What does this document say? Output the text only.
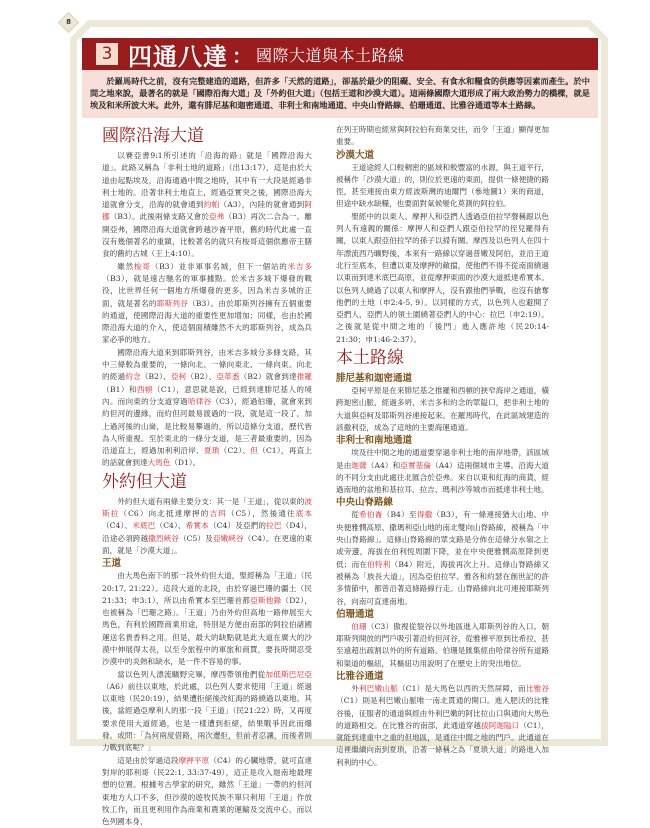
8
3 四通八達 ： 國際大道與本土路線

於羅馬時代之前，沒有完整建造的道路，但許多「天然的道路」，卻基於最少的阻礙、安全、有食水和糧食的供應等因素而產生。於中間之地來說，最著名的就是「國際沿海大道」及「外約但大道」（包括王道和沙漠大道）。這兩條國際大道形成了兩大政治勢力的橋樑，就是埃及和米所波大米。此外，還有腓尼基和迦密通道、非利士和南地通道、中央山脊路線、伯珊通道、比雅谷通道等本土路線。

國際沿海大道

以賽亞書9:1所引述的「沿海的路」就是「國際沿海大道」。此路又稱為「非利士地的道路」（出13:17），這是由於大道由起點埃及，沿海通過中間之地時，其中有一大段是經過非利士地的。沿著非利士地直上，經過亞實突之後，國際沿海大道就會分支，沿海的就會通到約帕（A3），內陸的就會通到阿挪（B3）。此後兩條支路又會於亞弗（B3）再次二合為一。離開亞弗，國際沿海大道就會跨越沙崙平原，舊約時代此處一直沒有幾個著名的重鎮，比較著名的就只有梭哥這個供應帝王膳食的舊約古城（王上4:10）。

雖然梭哥（B3）並非軍事名城，但下一個站的米吉多（B3），就是遠古馳名的軍事據點。於米吉多城下爆發的戰役，比世界任何一個地方所爆發的更多，因為米吉多城的正面，就是著名的耶斯列谷（B3）。由於耶斯列谷擁有五個重要的通道，使國際沿海大道的重要性更加增加；同樣，也由於國際沿海大道的介入，使這個面積雖然不大的耶斯列谷，成為兵家必爭的地方。

國際沿海大道來到耶斯列谷，由米吉多城分多條支路，其中三條較為重要的，一條向北、一條向東北、一條向東。向北的經過約念（B2）、亞柯（B2）、亞革悉（B2）就會到達推羅（B1）和西頓（C1），意思就是說，已經到達腓尼基人的境內。而向東的分支道穿過哈律谷（C3），經過伯珊，就會來到約但河的邊緣，而約但河最易渡過的一段，就是這一段了，加上過河後的山崗，是比較易攀過的，所以這條分支道，歷代皆為人所重視。至於東北的一條分支道，是三者最重要的，因為沿道直上，經過加利利沿岸、夏瑣（C2）、但（C1），再直上的話就會到達大馬色（D1）。

外約但大道

外約但大道有兩條主要分支：其一是「王道」，從以東的波斯拉（C6）向北抵達摩押的吉珥（C5），然後通往底本（C4）、米底巴（C4）、希實本（C4）及亞捫的拉巴（D4），沿途必須跨越撒烈峽谷（C5）及亞嫩峽谷（C4）。在更遠的東面，就是「沙漠大道」。

王道

由大馬色南下的那一段外約但大道，聖經稱為「王道」（民20:17, 21:22）。這段大道的北段，由於穿過巴珊的疆土（民21:33；申3:1），所以由希實本至巴珊首都亞斯他錄（D2），也被稱為「巴珊之路」。「王道」乃由外約但高地一路伸展至大馬色，有利於國際商業用途，特別是方便由南部的阿拉伯諸國運送名貴香料之用。但是，最大的缺點就是此大道在廣大的沙漠中伸展得太長，以至令旅程中的軍旅和商賈，要長時間忍受沙漠中的炎熱和缺水，是一件不容易的事。

當以色列人漂流曠野完畢，摩西帶領他們從加低斯巴尼亞（A6）前往以東地，於此處，以色列人要求使用「王道」經過以東地（民20:19），結果遭拒絕後改紅海的路繞過以東地。其後，當經過亞摩利人的那一段「王道」（民21:22）時，又再度要求使用大道經過，也是一樣遭到拒絕，結果戰爭因此而爆發。或問：「為何兩度借路，兩次遭拒，但前者忍讓，而後者則力戰到底呢？」

這是由於穿過這段摩押平原（C4）的心臟地帶，就可直達對岸的耶利哥（民22:1, 33:37-49），這正是攻入迦南地最理想的位置。根據考古學家的研究，雖然「王道」一帶的約但河東地方人口不多，但沙漠的遊牧民族不單只利用「王道」作放牧工作，而且更利用作為商業和農業的運輸及交流中心，而以色列國本身，

在列王時期也經常與阿拉伯有商業交往，而令「王道」顯得更加重要。

沙漠大道

王道途經人口較稠密的區域和較豐富的水源，與王道平行，被稱作「沙漠大道」的，則位於更遠的東面，提供一條便捷的路徑，甚至連接由東方經波斯灣的迪爾門（參地圖1）來的商道，但途中缺水缺糧，也要面對氣候變化莫測的阿拉伯。

聖經中的以東人、摩押人和亞捫人透過亞伯拉罕聲稱跟以色列人有遠親的關係：摩押人和亞捫人跟亞伯拉罕的侄兒羅得有關，以東人跟亞伯拉罕的孫子以掃有關。摩西及以色列人在四十年漂流西乃曠野後，本來有一路線以穿過普嫩及阿伯，並沿王道北行至底本，但遭以東及摩押的敵擋，使他們不得不從南面繞過以東而到達米底巴高原，並從摩押東面的沙漠大道抵達希實本。以色列人繞過了以東人和摩押人，沒有跟他們爭戰，也沒有搶奪他們的土地（申2:4-5, 9）。以同樣的方式，以色列人也避開了亞捫人，亞捫人的領土圍繞著亞捫人的中心：拉巴（申2:19）。之後就是從中間之地的「後門」進入應許地（民20:14-21:30；申1:46-2:37）。

本土路線
腓尼基和迦密通道

亞柯平原是在來腓尼基之推羅和西頓的狹窄海岸之通道，橫跨迦密山脈，經過多坍、米吉多和約念的眾隘口，把非利士地的大道與亞柯及耶斯列谷連接起來。在羅馬時代，在此區域建造的該撒利亞，成為了這地的主要海運通道。

非利士和南地通道

埃及往中間之地的通道要穿過非利士地的南岸地帶，該區域是由迦薩（A4）和亞實基倫（A4）這兩個城市主導。沿海大道的不同分支由此處往北匯合於亞弗。來自以東和紅海的商貨，經過南地的盆地和基拉耳、拉吉、瑪利沙等城市而抵達非利士地。

中央山脊路線

從希伯崙（B4）至得撒（B3），有一條連接猶大山地、中央便雅憫高原、撒瑪利亞山地的南北雙向山脊路線，被稱為「中央山脊路線」。這條山脊路線的眾支路是分佈在這條分水嶺之上或旁邊，海拔在伯利恆周圍下降，並在中央便雅憫高原降到更低；而在伯特利（B4）附近，海拔再次上升。這條山脊路線又被稱為「族長大道」，因為亞伯拉罕、雅各和約瑟在創世記的許多情節中，都曾沿著這條路線行走。山脊路線向北可連接耶斯列谷，向南可直達南地。

伯珊通道

伯珊（C3）傲視從裂谷以外地區進入耶斯列谷的入口。朝耶斯列開放的門戶吸引著沿約但河谷，從雅穆平原到比希拉，甚至遠超出疏割以外的所有道路。伯珊是匯集經由哈律谷所有道路和渠道的樞紐，其樞紐功用說明了在歷史上的突出地位。

比雅谷通道

外利巴嫩山脈（C1）是大馬色以西的天然屏障，而比雅谷（C1）則是利巴嫩山脈唯一南北貫通的開口。進入肥沃的比雅谷後，征服者的通道與經由外利巴嫩的阿比拉山口與通向大馬色的道路相交。在比雅谷的南部，此通道穿越拔阿迦隘口（C1），就能到達重中之重的但地區，是通往中間之地的門戶。此通道在這裡繼續向南到夏瑣，沿著一條稱之為「夏瑣大道」的路進入加利利的中心。
